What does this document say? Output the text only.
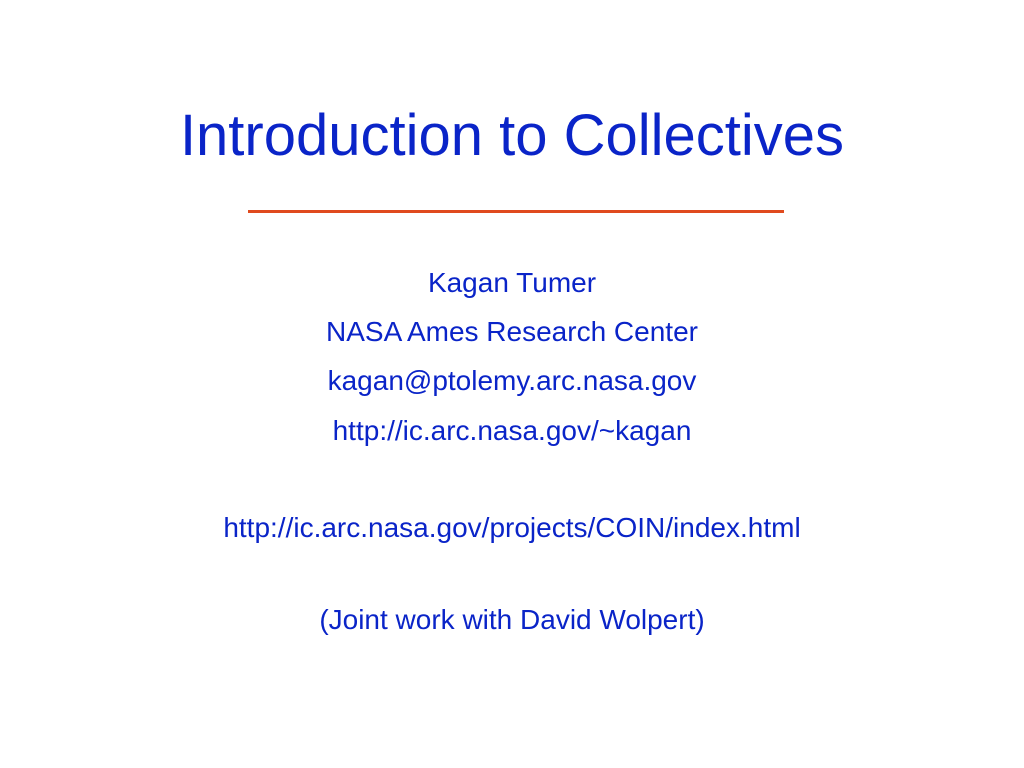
Introduction to Collectives
Kagan Tumer
NASA Ames Research Center
kagan@ptolemy.arc.nasa.gov
http://ic.arc.nasa.gov/~kagan
http://ic.arc.nasa.gov/projects/COIN/index.html
(Joint work with David Wolpert)
